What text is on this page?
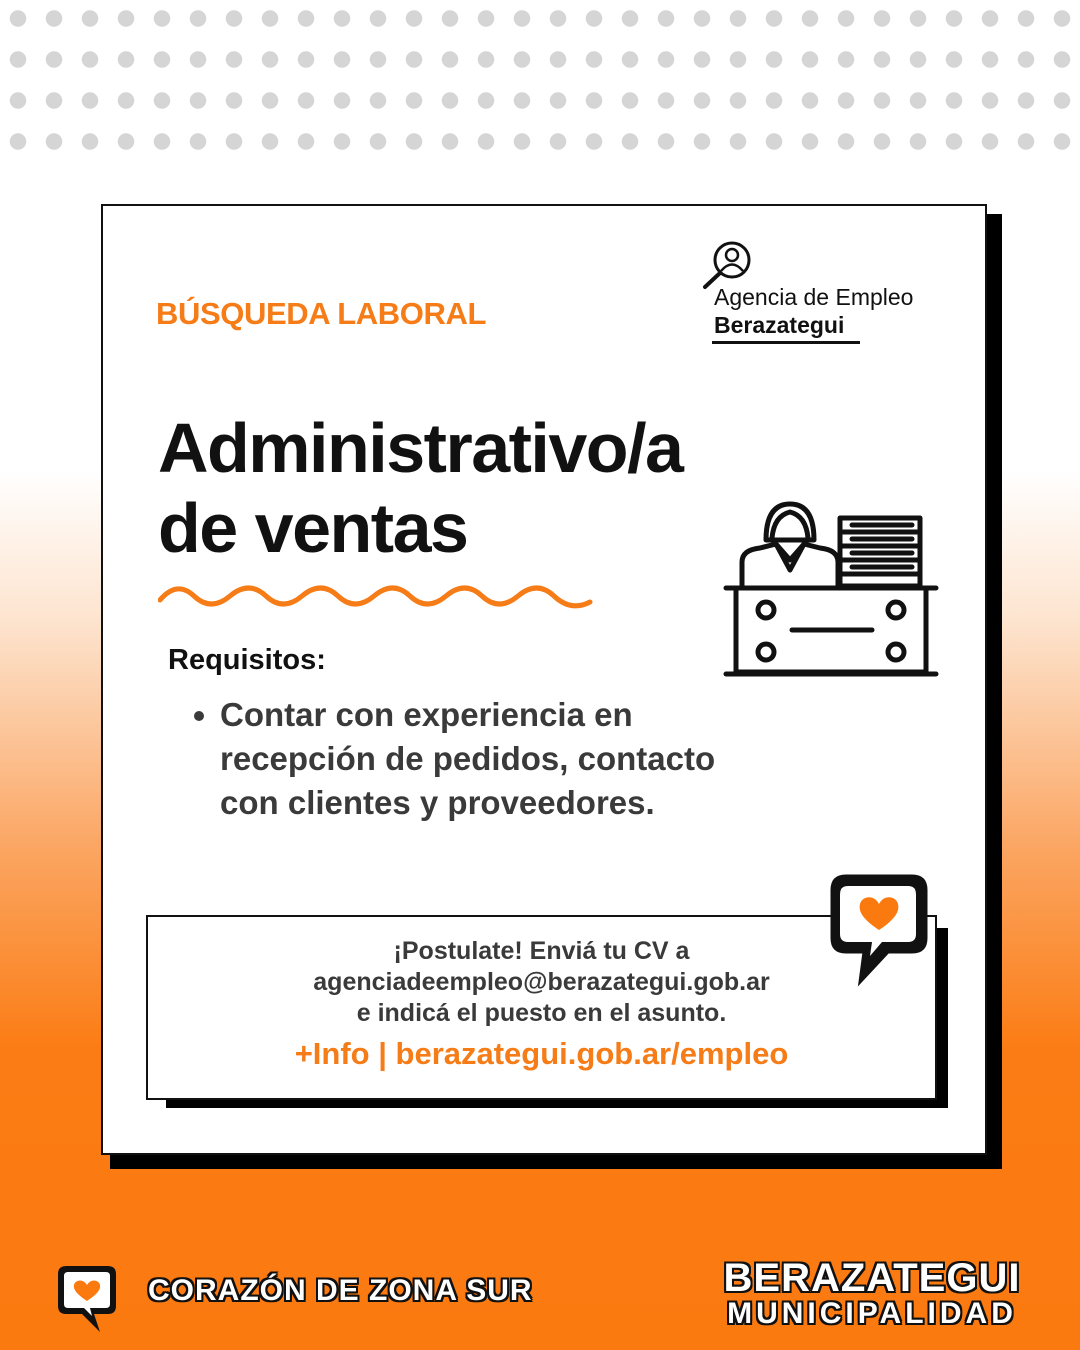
BÚSQUEDA LABORAL	Agencia de Empleo
Berazategui
Administrativo/a
de ventas
Requisitos:
Contar con experiencia en
recepción de pedidos, contacto
con clientes y proveedores.
¡Postulate! Enviá tu CV a
agenciadeempleo@berazategui.gob.ar
e indicá el puesto en el asunto.
+Info | berazategui.gob.ar/empleo
CORAZÓN DE ZONA SUR	BERAZATEGUI
MUNICIPALIDAD
